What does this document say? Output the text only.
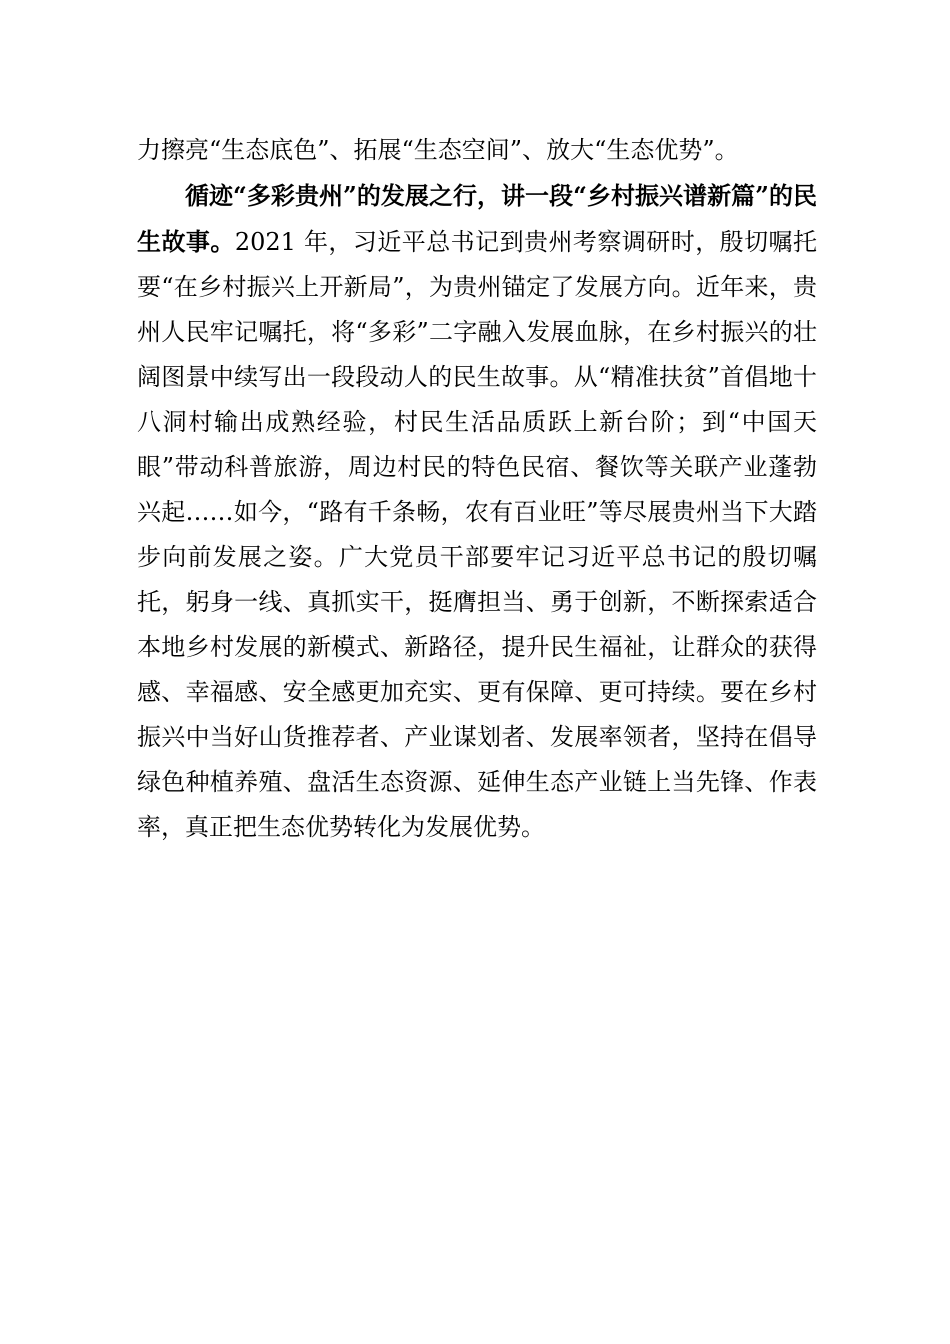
力擦亮“生态底色”、拓展“生态空间”、放大“生态优势”。

循迹“多彩贵州”的发展之行，讲一段“乡村振兴谱新篇”的民生故事。2021 年，习近平总书记到贵州考察调研时，殷切嘱托要“在乡村振兴上开新局”，为贵州锚定了发展方向。近年来，贵州人民牢记嘱托，将“多彩”二字融入发展血脉，在乡村振兴的壮阔图景中续写出一段段动人的民生故事。从“精准扶贫”首倡地十八洞村输出成熟经验，村民生活品质跃上新台阶；到“中国天眼”带动科普旅游，周边村民的特色民宿、餐饮等关联产业蓬勃兴起……如今，“路有千条畅，农有百业旺”等尽展贵州当下大踏步向前发展之姿。广大党员干部要牢记习近平总书记的殷切嘱托，躬身一线、真抓实干，挺膺担当、勇于创新，不断探索适合本地乡村发展的新模式、新路径，提升民生福祉，让群众的获得感、幸福感、安全感更加充实、更有保障、更可持续。要在乡村振兴中当好山货推荐者、产业谋划者、发展率领者，坚持在倡导绿色种植养殖、盘活生态资源、延伸生态产业链上当先锋、作表率，真正把生态优势转化为发展优势。
